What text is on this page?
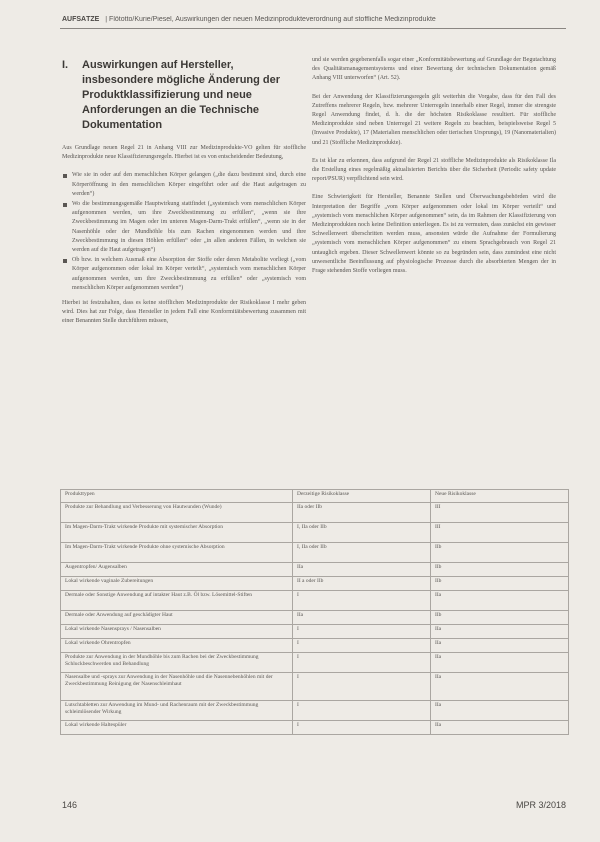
AUFSÄTZE | Flötotto/Kurie/Piesel, Auswirkungen der neuen Medizinprodukteverordnung auf stoffliche Medizinprodukte
I.	Auswirkungen auf Hersteller, insbesondere mögliche Änderung der Produktklassifizierung und neue Anforderungen an die Technische Dokumentation

Aus Grundlage neuen Regel 21 in Anhang VIII zur Medizinprodukte-VO gelten für stoffliche Medizinprodukte neue Klassifizierungsregeln. Hierbei ist es von entscheidender Bedeutung,

Wie sie in oder auf den menschlichen Körper gelangen („die dazu bestimmt sind, durch eine Körperöffnung in den menschlichen Körper eingeführt oder auf die Haut aufgetragen zu werden“)
Wo die bestimmungsgemäße Hauptwirkung stattfindet („systemisch vom menschlichen Körper aufgenommen werden, um ihre Zweckbestimmung zu erfüllen“, „wenn sie ihre Zweckbestimmung im Magen oder im unteren Magen-Darm-Trakt erfüllen“, „wenn sie in der Nasenhöhle oder der Mundhöhle bis zum Rachen eingenommen werden und ihre Zweckbestimmung in diesen Höhlen erfüllen“ oder „in allen anderen Fällen, in welchen sie werden auf die Haut aufgetragen“)
Ob bzw. in welchem Ausmaß eine Absorption der Stoffe oder deren Metabolite vorliegt („vom Körper aufgenommen oder lokal im Körper verteilt“, „systemisch vom menschlichen Körper aufgenommen werden, um ihre Zweckbestimmung zu erfüllen“ oder „systemisch vom menschlichen Körper aufgenommen werden“)

Hierbei ist festzuhalten, dass es keine stofflichen Medizinprodukte der Risikoklasse I mehr geben wird. Dies hat zur Folge, dass Hersteller in jedem Fall eine Konformitätsbewertung zusammen mit einer Benannten Stelle durchführen müssen,

und sie werden gegebenenfalls sogar einer „Konformitätsbewertung auf Grundlage der Begutachtung des Qualitätsmanagementsystems und einer Bewertung der technischen Dokumentation gemäß Anhang VIII unterworfen“ (Art. 52).

Bei der Anwendung der Klassifizierungsregeln gilt weiterhin die Vorgabe, dass für den Fall des Zutreffens mehrerer Regeln, bzw. mehrerer Unterregeln innerhalb einer Regel, immer die strengste Regel Anwendung findet, d. h. die der höchsten Risikoklasse resultiert. Für stoffliche Medizinprodukte sind neben Unterregel 21 weitere Regeln zu beachten, beispielsweise Regel 5 (Invasive Produkte), 17 (Materialien menschlichen oder tierischen Ursprungs), 19 (Nanomaterialien) und 21 (Stoffliche Medizinprodukte).

Es ist klar zu erkennen, dass aufgrund der Regel 21 stoffliche Medizinprodukte als Risikoklasse Ila die Erstellung eines regelmäßig aktualisierten Berichts über die Sicherheit (Periodic safety update report/PSUR) verpflichtend sein wird.

Eine Schwierigkeit für Hersteller, Benannte Stellen und Überwachungsbehörden wird die Interpretation der Begriffe „vom Körper aufgenommen oder lokal im Körper verteilt“ und „systemisch vom menschlichen Körper aufgenommen“ sein, da im Rahmen der Klassifizierung von Medizinprodukten noch keine Definition unterliegen. Es ist zu vermuten, dass zunächst ein gewisser Schwellenwert überschritten werden muss, ansonsten würde die Aufnahme der Formulierung „systemisch vom menschlichen Körper aufgenommen“ zu einem Sprachgebrauch von Regel 21 untauglich ergeben. Dieser Schwellenwert könnte so zu begründen sein, dass zumindest eine nicht unwesentliche Beeinflussung auf physiologische Prozesse durch die absorbierten Mengen der in Frage stehenden Stoffe vorliegen muss.

Produkttypen	Derzeitige Risikoklasse	Neue Risikoklasse
Produkte zur Behandlung und Verbesserung von Hautwunden (Wunde)	IIa oder IIb	III
Im Magen-Darm-Trakt wirkende Produkte mit systemischer Absorption	I, IIa oder IIb	III
Im Magen-Darm-Trakt wirkende Produkte ohne systemische Absorption	I, IIa oder IIb	IIb
Augentropfen/ Augensalben	IIa	IIb
Lokal wirkende vaginale Zubereitungen	II a oder IIb	IIb
Dermale oder Sonstige Anwendung auf intakter Haut z.B. Öl bzw. Lösemittel-Stiften	I	IIa
Dermale oder Anwendung auf geschädigter Haut	IIa	IIb
Lokal wirkende Nasensprays / Nasensalben	I	IIa
Lokal wirkende Ohrentropfen	I	IIa
Produkte zur Anwendung in der Mundhöhle bis zum Rachen bei der Zweckbestimmung Schluckbeschwerden und Behandlung	I	IIa
Nasensalbe und -sprays zur Anwendung in der Nasenhöhle und die Nasennebenhöhlen mit der Zweckbestimmung Reinigung der Nasenschleimhaut	I	IIa
Lutschtabletten zur Anwendung im Mund- und Rachenraum mit der Zweckbestimmung schleimlösender Wirkung	I	IIa
Lokal wirkende Haltespüler	I	IIa
146	MPR 3/2018
